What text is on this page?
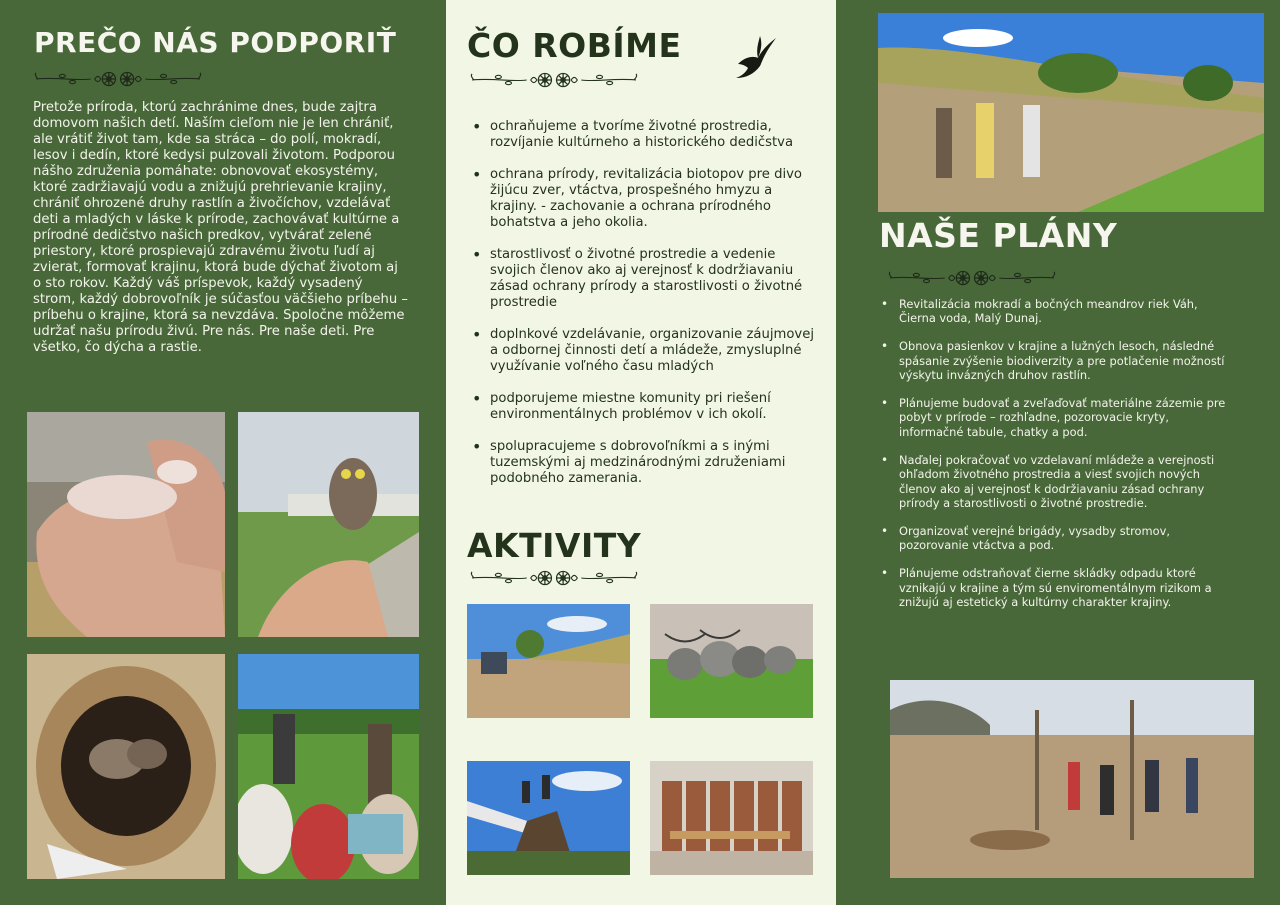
PREČO NÁS PODPORIŤ

Pretože príroda, ktorú zachránime dnes, bude zajtra domovom našich detí. Naším cieľom nie je len chrániť, ale vrátiť život tam, kde sa stráca – do polí, mokradí, lesov i dedín, ktoré kedysi pulzovali životom. Podporou nášho združenia pomáhate: obnovovať ekosystémy, ktoré zadržiavajú vodu a znižujú prehrievanie krajiny, chrániť ohrozené druhy rastlín a živočíchov, vzdelávať deti a mladých v láske k prírode, zachovávať kultúrne a prírodné dedičstvo našich predkov, vytvárať zelené priestory, ktoré prospievajú zdravému životu ľudí aj zvierat, formovať krajinu, ktorá bude dýchať životom aj o sto rokov. Každý váš príspevok, každý vysadený strom, každý dobrovoľník je súčasťou väčšieho príbehu – príbehu o krajine, ktorá sa nevzdáva. Spoločne môžeme udržať našu prírodu živú. Pre nás. Pre naše deti. Pre všetko, čo dýcha a rastie.

ČO ROBÍME
• ochraňujeme a tvoríme životné prostredia, rozvíjanie kultúrneho a historického dedičstva
• ochrana prírody, revitalizácia biotopov pre divo žijúcu zver, vtáctva, prospešného hmyzu a krajiny. - zachovanie a ochrana prírodného bohatstva a jeho okolia.
• starostlivosť o životné prostredie a vedenie svojich členov ako aj verejnosť k dodržiavaniu zásad ochrany prírody a starostlivosti o životné prostredie
• doplnkové vzdelávanie, organizovanie záujmovej a odbornej činnosti detí a mládeže, zmysluplné využívanie voľného času mladých
• podporujeme miestne komunity pri riešení environmentálnych problémov v ich okolí.
• spolupracujeme s dobrovoľníkmi a s inými tuzemskými aj medzinárodnými združeniami podobného zamerania.
AKTIVITY
NAŠE PLÁNY
• Revitalizácia mokradí a bočných meandrov riek Váh, Čierna voda, Malý Dunaj.
• Obnova pasienkov v krajine a lužných lesoch, následné spásanie zvýšenie biodiverzity a pre potlačenie možností výskytu invázných druhov rastlín.
• Plánujeme budovať a zveľaďovať materiálne zázemie pre pobyt v prírode – rozhľadne, pozorovacie kryty, informačné tabule, chatky a pod.
• Naďalej pokračovať vo vzdelavaní mládeže a verejnosti ohľadom životného prostredia a viesť svojich nových členov ako aj verejnosť k dodržiavaniu zásad ochrany prírody a starostlivosti o životné prostredie.
• Organizovať verejné brigády, vysadby stromov, pozorovanie vtáctva a pod.
• Plánujeme odstraňovať čierne skládky odpadu ktoré vznikajú v krajine a tým sú enviromentálnym rizikom a znižujú aj estetický a kultúrny charakter krajiny.
